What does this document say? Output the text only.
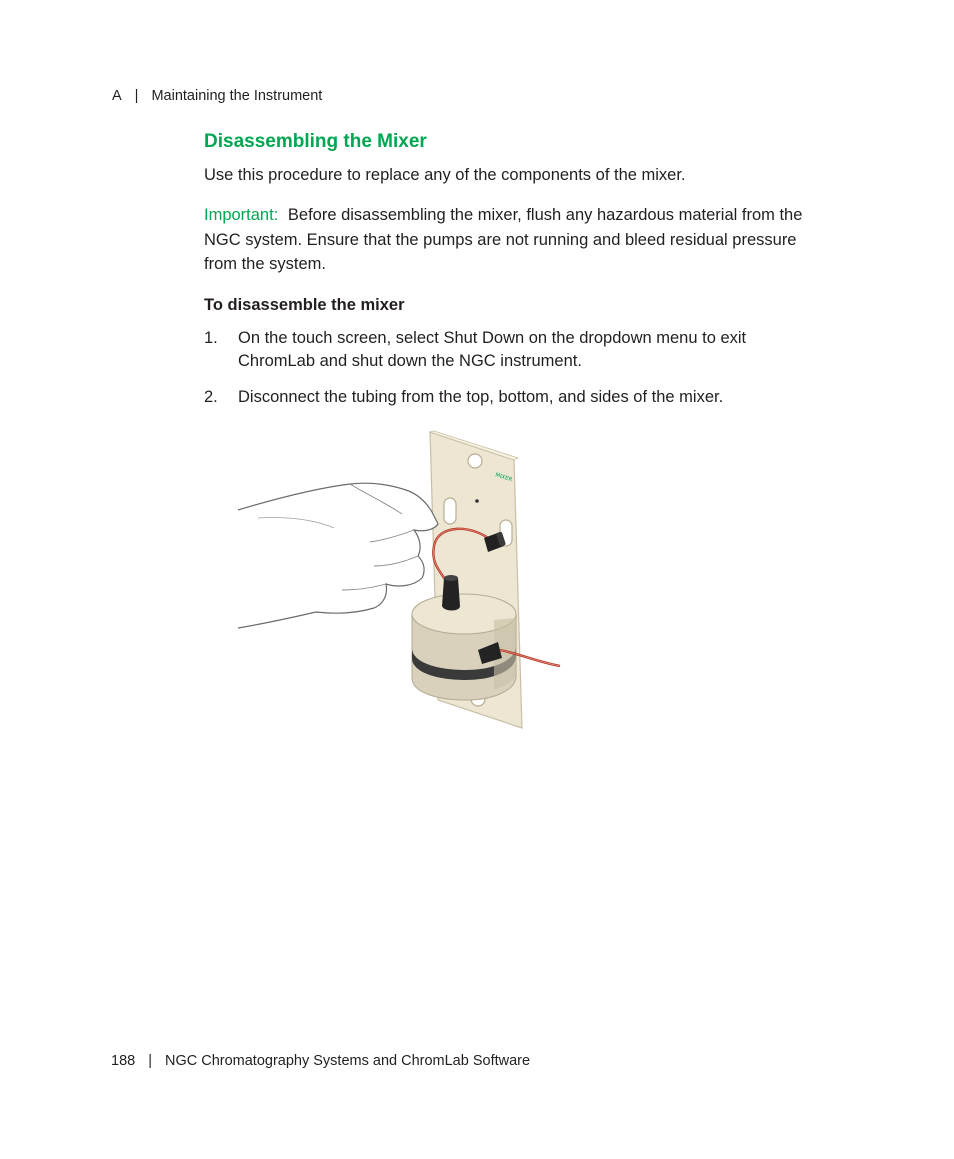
A | Maintaining the Instrument
Disassembling the Mixer

Use this procedure to replace any of the components of the mixer.

Important: Before disassembling the mixer, flush any hazardous material from the NGC system. Ensure that the pumps are not running and bleed residual pressure from the system.

To disassemble the mixer

1. On the touch screen, select Shut Down on the dropdown menu to exit ChromLab and shut down the NGC instrument.
2. Disconnect the tubing from the top, bottom, and sides of the mixer.
MIXER
188 | NGC Chromatography Systems and ChromLab Software
